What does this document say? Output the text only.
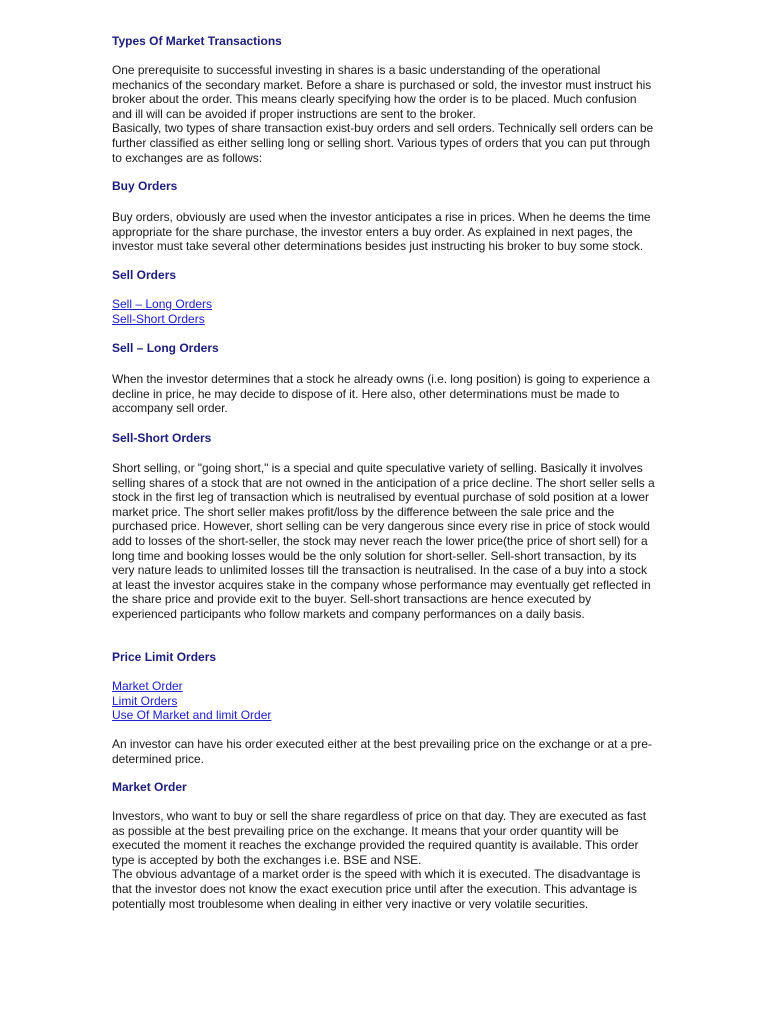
Types Of Market Transactions
One prerequisite to successful investing in shares is a basic understanding of the operational mechanics of the secondary market. Before a share is purchased or sold, the investor must instruct his broker about the order. This means clearly specifying how the order is to be placed. Much confusion and ill will can be avoided if proper instructions are sent to the broker.
Basically, two types of share transaction exist-buy orders and sell orders. Technically sell orders can be further classified as either selling long or selling short. Various types of orders that you can put through to exchanges are as follows:
Buy Orders
Buy orders, obviously are used when the investor anticipates a rise in prices. When he deems the time appropriate for the share purchase, the investor enters a buy order. As explained in next pages, the investor must take several other determinations besides just instructing his broker to buy some stock.
Sell Orders
Sell – Long Orders
Sell-Short Orders
Sell – Long Orders
When the investor determines that a stock he already owns (i.e. long position) is going to experience a decline in price, he may decide to dispose of it. Here also, other determinations must be made to accompany sell order.
Sell-Short Orders
Short selling, or "going short," is a special and quite speculative variety of selling. Basically it involves selling shares of a stock that are not owned in the anticipation of a price decline. The short seller sells a stock in the first leg of transaction which is neutralised by eventual purchase of sold position at a lower market price. The short seller makes profit/loss by the difference between the sale price and the purchased price. However, short selling can be very dangerous since every rise in price of stock would add to losses of the short-seller, the stock may never reach the lower price(the price of short sell) for a long time and booking losses would be the only solution for short-seller. Sell-short transaction, by its very nature leads to unlimited losses till the transaction is neutralised. In the case of a buy into a stock at least the investor acquires stake in the company whose performance may eventually get reflected in the share price and provide exit to the buyer. Sell-short transactions are hence executed by experienced participants who follow markets and company performances on a daily basis.
Price Limit Orders
Market Order
Limit Orders
Use Of Market and limit Order
An investor can have his order executed either at the best prevailing price on the exchange or at a pre-determined price.
Market Order
Investors, who want to buy or sell the share regardless of price on that day. They are executed as fast as possible at the best prevailing price on the exchange. It means that your order quantity will be executed the moment it reaches the exchange provided the required quantity is available. This order type is accepted by both the exchanges i.e. BSE and NSE.
The obvious advantage of a market order is the speed with which it is executed. The disadvantage is that the investor does not know the exact execution price until after the execution. This advantage is potentially most troublesome when dealing in either very inactive or very volatile securities.
